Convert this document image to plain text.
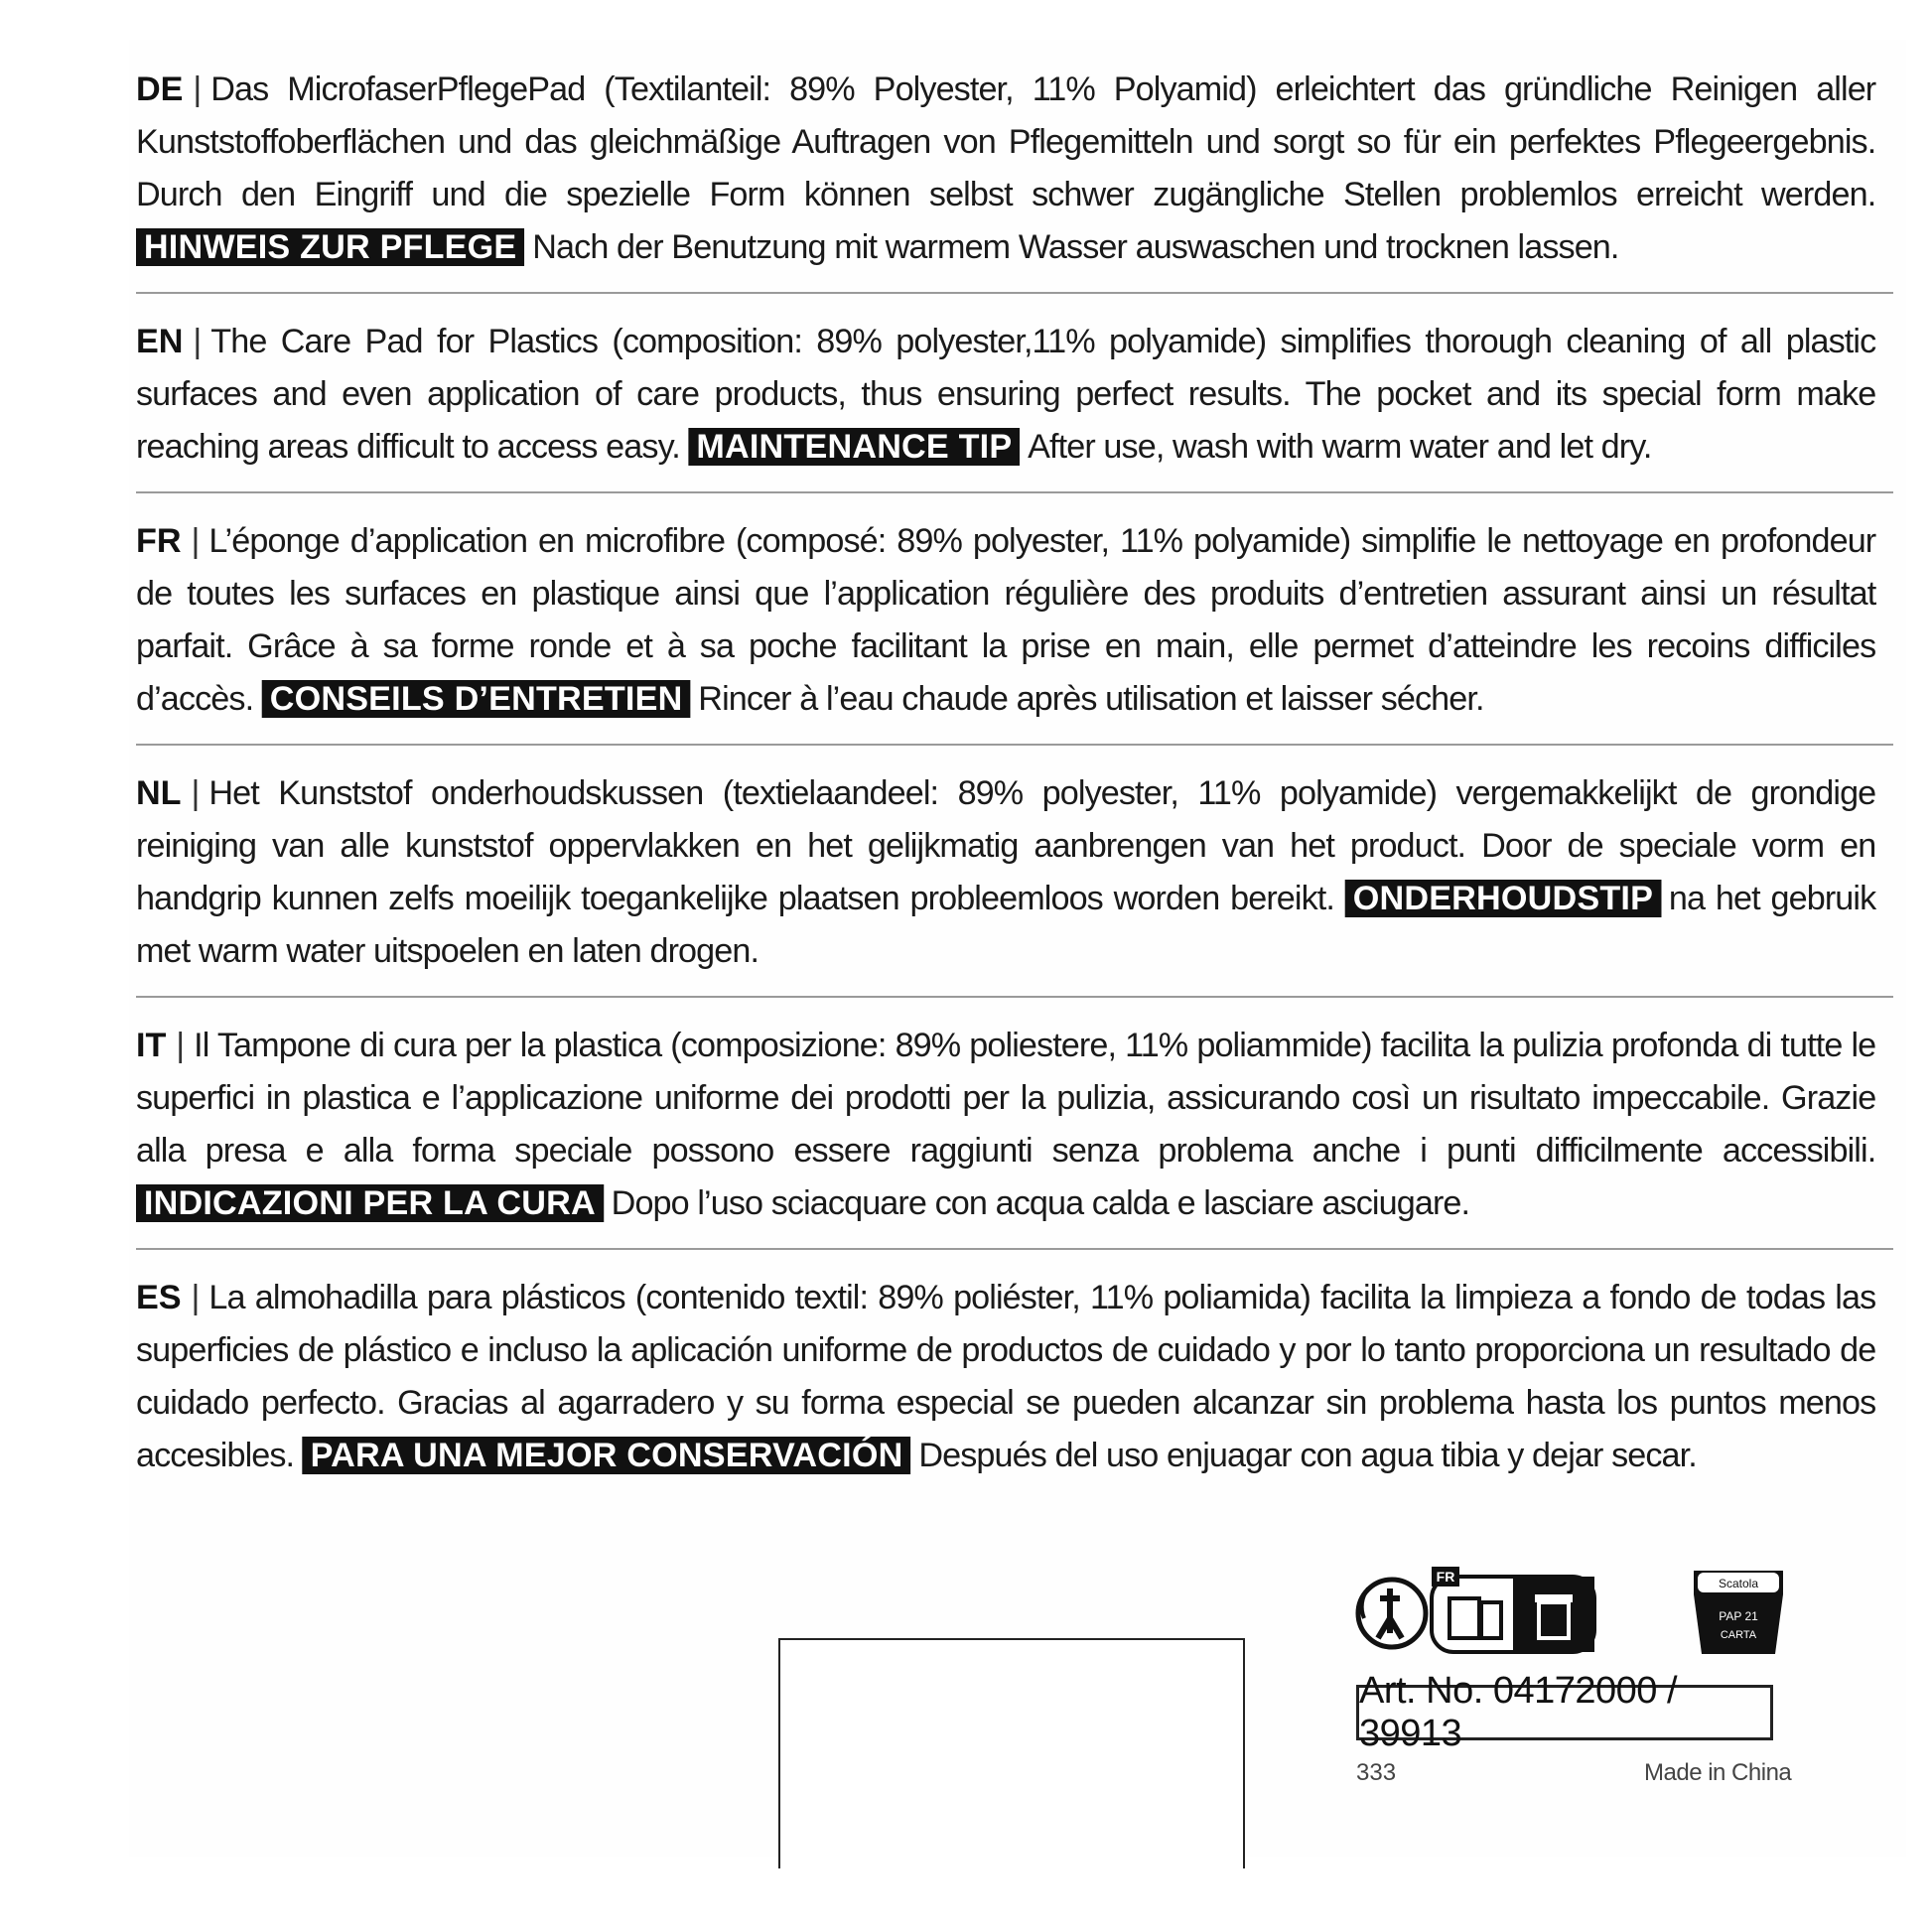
DE | Das MicrofaserPflegePad (Textilanteil: 89% Polyester, 11% Polyamid) erleichtert das gründliche Reinigen aller Kunststoffoberflächen und das gleichmäßige Auftragen von Pflegemitteln und sorgt so für ein perfektes Pflegeergebnis. Durch den Eingriff und die spezielle Form können selbst schwer zugängliche Stellen problemlos erreicht werden. HINWEIS ZUR PFLEGE Nach der Benutzung mit warmem Wasser auswaschen und trocknen lassen.

EN | The Care Pad for Plastics (composition: 89% polyester,11% polyamide) simplifies thorough cleaning of all plastic surfaces and even application of care products, thus ensuring perfect results. The pocket and its special form make reaching areas difficult to access easy. MAINTENANCE TIP After use, wash with warm water and let dry.

FR | L’éponge d’application en microfibre (composé: 89% polyester, 11% polyamide) simplifie le nettoyage en profondeur de toutes les surfaces en plastique ainsi que l’application régulière des produits d’entretien assurant ainsi un résultat parfait. Grâce à sa forme ronde et à sa poche facilitant la prise en main, elle permet d’atteindre les recoins difficiles d’accès. CONSEILS D’ENTRETIEN Rincer à l’eau chaude après utilisation et laisser sécher.

NL | Het Kunststof onderhoudskussen (textielaandeel: 89% polyester, 11% polyamide) vergemakkelijkt de grondige reiniging van alle kunststof oppervlakken en het gelijkmatig aanbrengen van het product. Door de speciale vorm en handgrip kunnen zelfs moeilijk toegankelijke plaatsen probleemloos worden bereikt. ONDERHOUDSTIP na het gebruik met warm water uitspoelen en laten drogen.

IT | Il Tampone di cura per la plastica (composizione: 89% poliestere, 11% poliammide) facilita la pulizia profonda di tutte le superfici in plastica e l’applicazione uniforme dei prodotti per la pulizia, assicurando così un risultato impeccabile. Grazie alla presa e alla forma speciale possono essere raggiunti senza problema anche i punti difficilmente accessibili. INDICAZIONI PER LA CURA Dopo l’uso sciacquare con acqua calda e lasciare asciugare.

ES | La almohadilla para plásticos (contenido textil: 89% poliéster, 11% poliamida) facilita la limpieza a fondo de todas las superficies de plástico e incluso la aplicación uniforme de productos de cuidado y por lo tanto proporciona un resultado de cuidado perfecto. Gracias al agarradero y su forma especial se pueden alcanzar sin problema hasta los puntos menos accesibles. PARA UNA MEJOR CONSERVACIÓN Después del uso enjuagar con agua tibia y dejar secar.

FR	Scatola
PAP 21
CARTA
Art. No. 04172000 / 39913
333	Made in China
